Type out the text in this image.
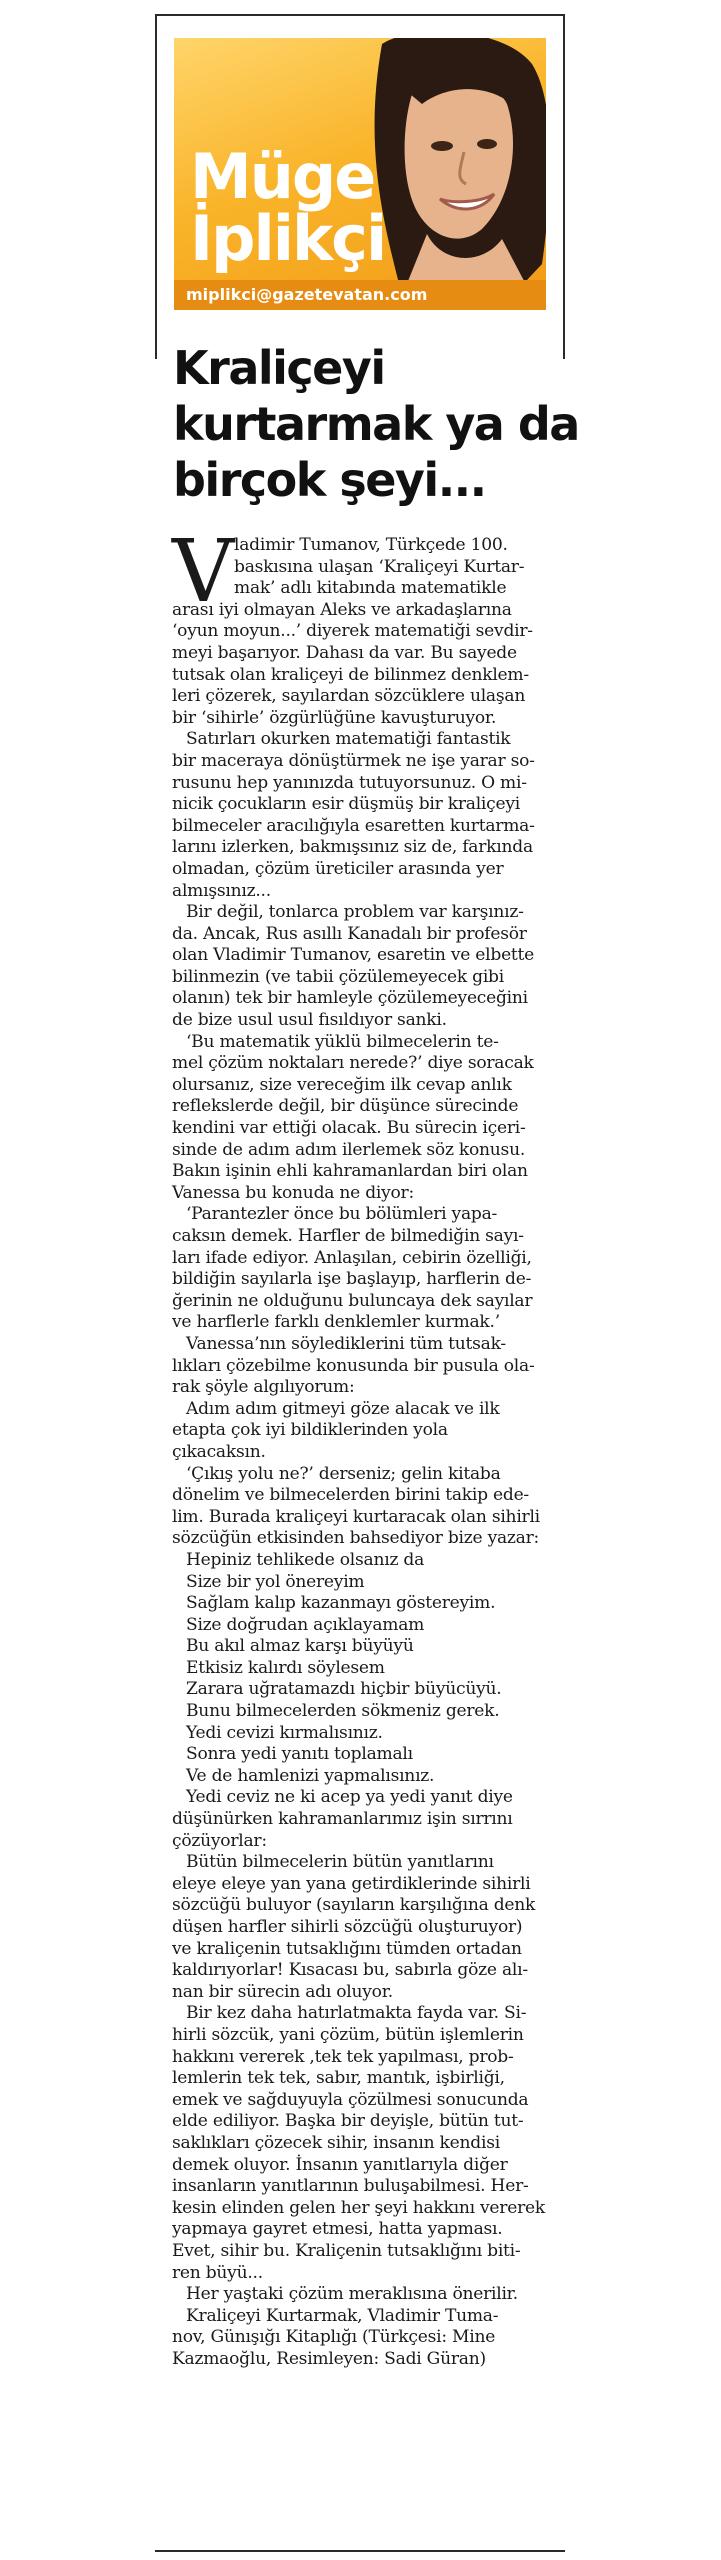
Müge
İplikçi
miplikci@gazetevatan.com
Kraliçeyi
kurtarmak ya da
birçok şeyi...
V ladimir Tumanov, Türkçede 100.
baskısına ulaşan ‘Kraliçeyi Kurtar-
mak’ adlı kitabında matematikle
arası iyi olmayan Aleks ve arkadaşlarına
‘oyun moyun...’ diyerek matematiği sevdir-
meyi başarıyor. Dahası da var. Bu sayede
tutsak olan kraliçeyi de bilinmez denklem-
leri çözerek, sayılardan sözcüklere ulaşan
bir ‘sihirle’ özgürlüğüne kavuşturuyor.
Satırları okurken matematiği fantastik
bir maceraya dönüştürmek ne işe yarar so-
rusunu hep yanınızda tutuyorsunuz. O mi-
nicik çocukların esir düşmüş bir kraliçeyi
bilmeceler aracılığıyla esaretten kurtarma-
larını izlerken, bakmışsınız siz de, farkında
olmadan, çözüm üreticiler arasında yer
almışsınız...
Bir değil, tonlarca problem var karşınız-
da. Ancak, Rus asıllı Kanadalı bir profesör
olan Vladimir Tumanov, esaretin ve elbette
bilinmezin (ve tabii çözülemeyecek gibi
olanın) tek bir hamleyle çözülemeyeceğini
de bize usul usul fısıldıyor sanki.
‘Bu matematik yüklü bilmecelerin te-
mel çözüm noktaları nerede?’ diye soracak
olursanız, size vereceğim ilk cevap anlık
reflekslerde değil, bir düşünce sürecinde
kendini var ettiği olacak. Bu sürecin içeri-
sinde de adım adım ilerlemek söz konusu.
Bakın işinin ehli kahramanlardan biri olan
Vanessa bu konuda ne diyor:
‘Parantezler önce bu bölümleri yapa-
caksın demek. Harfler de bilmediğin sayı-
ları ifade ediyor. Anlaşılan, cebirin özelliği,
bildiğin sayılarla işe başlayıp, harflerin de-
ğerinin ne olduğunu buluncaya dek sayılar
ve harflerle farklı denklemler kurmak.’
Vanessa’nın söylediklerini tüm tutsak-
lıkları çözebilme konusunda bir pusula ola-
rak şöyle algılıyorum:
Adım adım gitmeyi göze alacak ve ilk
etapta çok iyi bildiklerinden yola
çıkacaksın.
‘Çıkış yolu ne?’ derseniz; gelin kitaba
dönelim ve bilmecelerden birini takip ede-
lim. Burada kraliçeyi kurtaracak olan sihirli
sözcüğün etkisinden bahsediyor bize yazar:
Hepiniz tehlikede olsanız da
Size bir yol önereyim
Sağlam kalıp kazanmayı göstereyim.
Size doğrudan açıklayamam
Bu akıl almaz karşı büyüyü
Etkisiz kalırdı söylesem
Zarara uğratamazdı hiçbir büyücüyü.
Bunu bilmecelerden sökmeniz gerek.
Yedi cevizi kırmalısınız.
Sonra yedi yanıtı toplamalı
Ve de hamlenizi yapmalısınız.
Yedi ceviz ne ki acep ya yedi yanıt diye
düşünürken kahramanlarımız işin sırrını
çözüyorlar:
Bütün bilmecelerin bütün yanıtlarını
eleye eleye yan yana getirdiklerinde sihirli
sözcüğü buluyor (sayıların karşılığına denk
düşen harfler sihirli sözcüğü oluşturuyor)
ve kraliçenin tutsaklığını tümden ortadan
kaldırıyorlar! Kısacası bu, sabırla göze alı-
nan bir sürecin adı oluyor.
Bir kez daha hatırlatmakta fayda var. Si-
hirli sözcük, yani çözüm, bütün işlemlerin
hakkını vererek ,tek tek yapılması, prob-
lemlerin tek tek, sabır, mantık, işbirliği,
emek ve sağduyuyla çözülmesi sonucunda
elde ediliyor. Başka bir deyişle, bütün tut-
saklıkları çözecek sihir, insanın kendisi
demek oluyor. İnsanın yanıtlarıyla diğer
insanların yanıtlarının buluşabilmesi. Her-
kesin elinden gelen her şeyi hakkını vererek
yapmaya gayret etmesi, hatta yapması.
Evet, sihir bu. Kraliçenin tutsaklığını biti-
ren büyü...
Her yaştaki çözüm meraklısına önerilir.
Kraliçeyi Kurtarmak, Vladimir Tuma-
nov, Günışığı Kitaplığı (Türkçesi: Mine
Kazmaoğlu, Resimleyen: Sadi Güran)
